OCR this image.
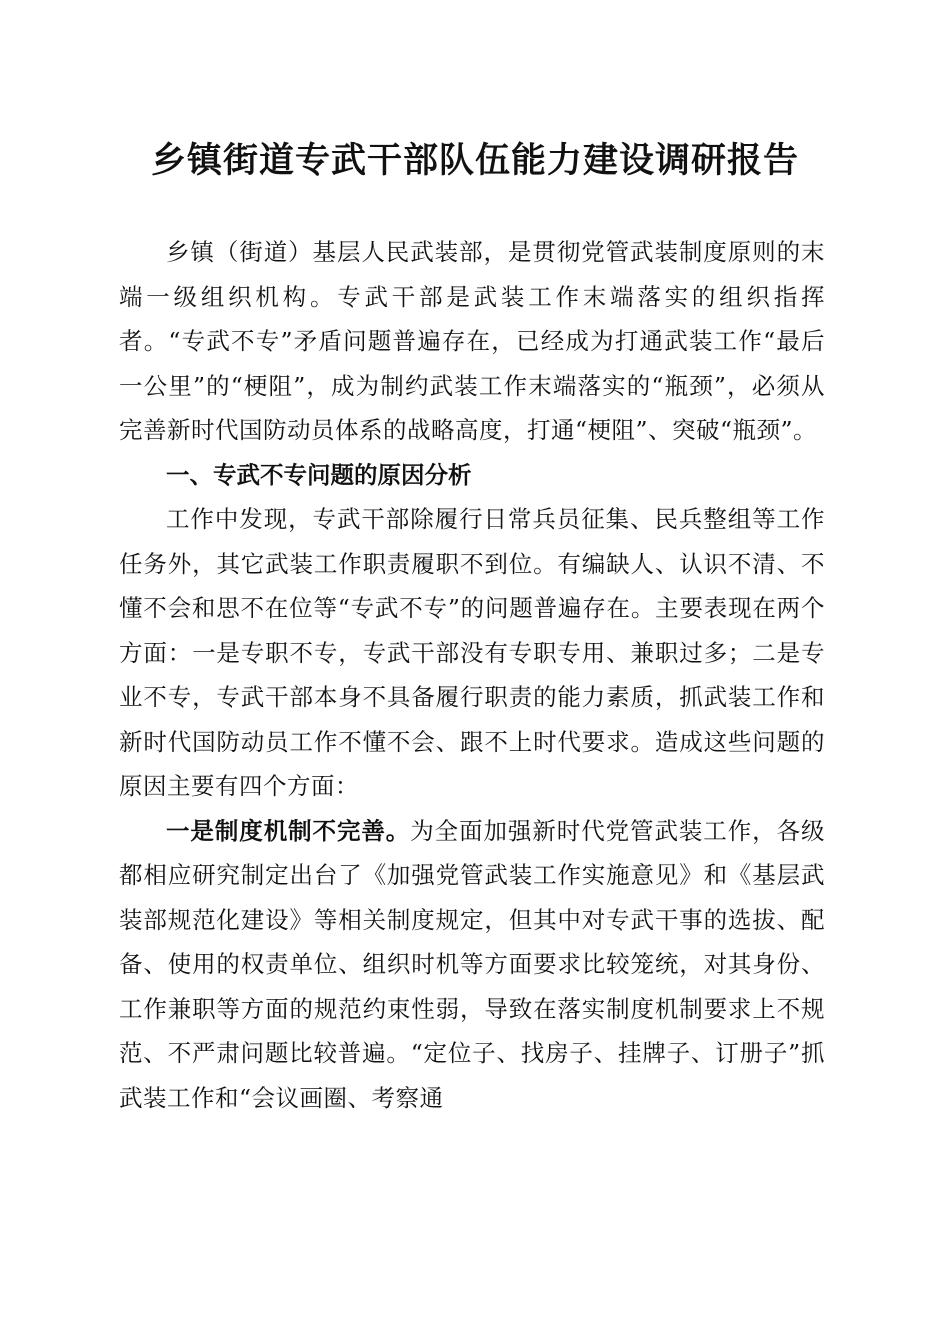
乡镇街道专武干部队伍能力建设调研报告

乡镇（街道）基层人民武装部，是贯彻党管武装制度原则的末端一级组织机构。专武干部是武装工作末端落实的组织指挥者。“专武不专”矛盾问题普遍存在，已经成为打通武装工作“最后一公里”的“梗阻”，成为制约武装工作末端落实的“瓶颈”，必须从完善新时代国防动员体系的战略高度，打通“梗阻”、突破“瓶颈”。

一、专武不专问题的原因分析

工作中发现，专武干部除履行日常兵员征集、民兵整组等工作任务外，其它武装工作职责履职不到位。有编缺人、认识不清、不懂不会和思不在位等“专武不专”的问题普遍存在。主要表现在两个方面：一是专职不专，专武干部没有专职专用、兼职过多；二是专业不专，专武干部本身不具备履行职责的能力素质，抓武装工作和新时代国防动员工作不懂不会、跟不上时代要求。造成这些问题的原因主要有四个方面：

一是制度机制不完善。为全面加强新时代党管武装工作，各级都相应研究制定出台了《加强党管武装工作实施意见》和《基层武装部规范化建设》等相关制度规定，但其中对专武干事的选拔、配备、使用的权责单位、组织时机等方面要求比较笼统，对其身份、工作兼职等方面的规范约束性弱，导致在落实制度机制要求上不规范、不严肃问题比较普遍。“定位子、找房子、挂牌子、订册子”抓武装工作和“会议画圈、考察通
